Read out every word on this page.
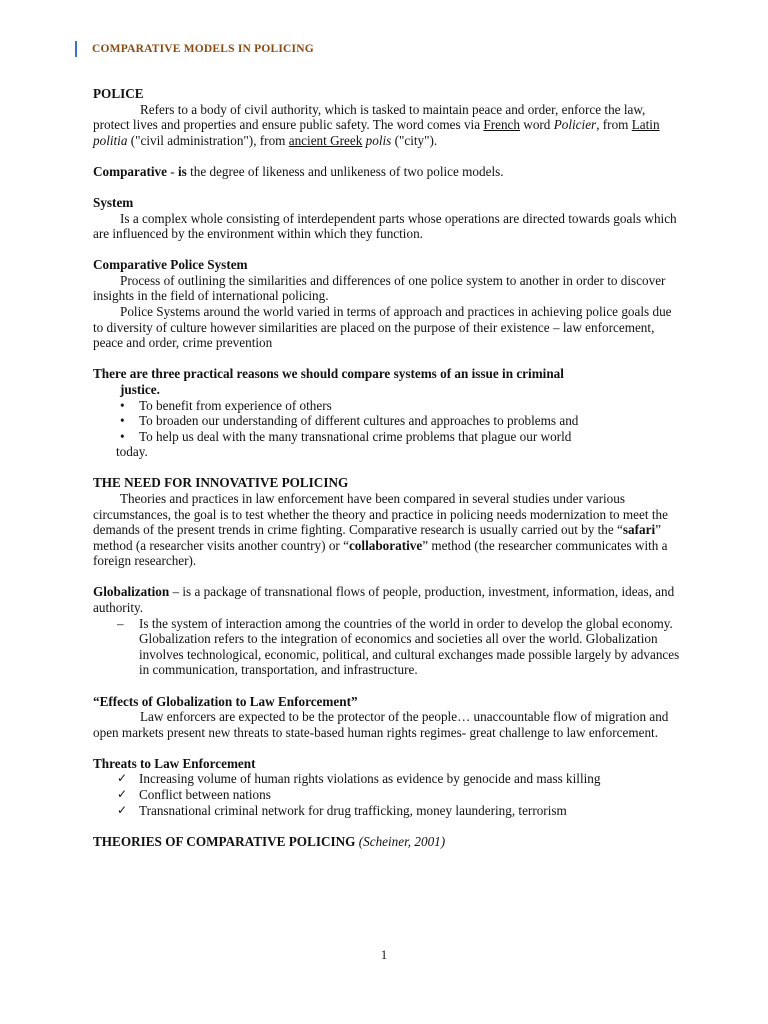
COMPARATIVE MODELS IN POLICING

POLICE

Refers to a body of civil authority, which is tasked to maintain peace and order, enforce the law, protect lives and properties and ensure public safety. The word comes via French word Policier, from Latin politia ("civil administration"), from ancient Greek polis ("city").

Comparative - is the degree of likeness and unlikeness of two police models.

System

Is a complex whole consisting of interdependent parts whose operations are directed towards goals which are influenced by the environment within which they function.

Comparative Police System

Process of outlining the similarities and differences of one police system to another in order to discover insights in the field of international policing.

Police Systems around the world varied in terms of approach and practices in achieving police goals due to diversity of culture however similarities are placed on the purpose of their existence – law enforcement, peace and order, crime prevention

There are three practical reasons we should compare systems of an issue in criminal

justice.

• To benefit from experience of others
• To broaden our understanding of different cultures and approaches to problems and
• To help us deal with the many transnational crime problems that plague our world

today.

THE NEED FOR INNOVATIVE POLICING

Theories and practices in law enforcement have been compared in several studies under various circumstances, the goal is to test whether the theory and practice in policing needs modernization to meet the demands of the present trends in crime fighting. Comparative research is usually carried out by the “safari” method (a researcher visits another country) or “collaborative” method (the researcher communicates with a foreign researcher).

Globalization – is a package of transnational flows of people, production, investment, information, ideas, and authority.

– Is the system of interaction among the countries of the world in order to develop the global economy. Globalization refers to the integration of economics and societies all over the world. Globalization involves technological, economic, political, and cultural exchanges made possible largely by advances in communication, transportation, and infrastructure.

“Effects of Globalization to Law Enforcement”

Law enforcers are expected to be the protector of the people… unaccountable flow of migration and open markets present new threats to state-based human rights regimes- great challenge to law enforcement.

Threats to Law Enforcement

✓ Increasing volume of human rights violations as evidence by genocide and mass killing
✓ Conflict between nations
✓ Transnational criminal network for drug trafficking, money laundering, terrorism

THEORIES OF COMPARATIVE POLICING (Scheiner, 2001)

1
